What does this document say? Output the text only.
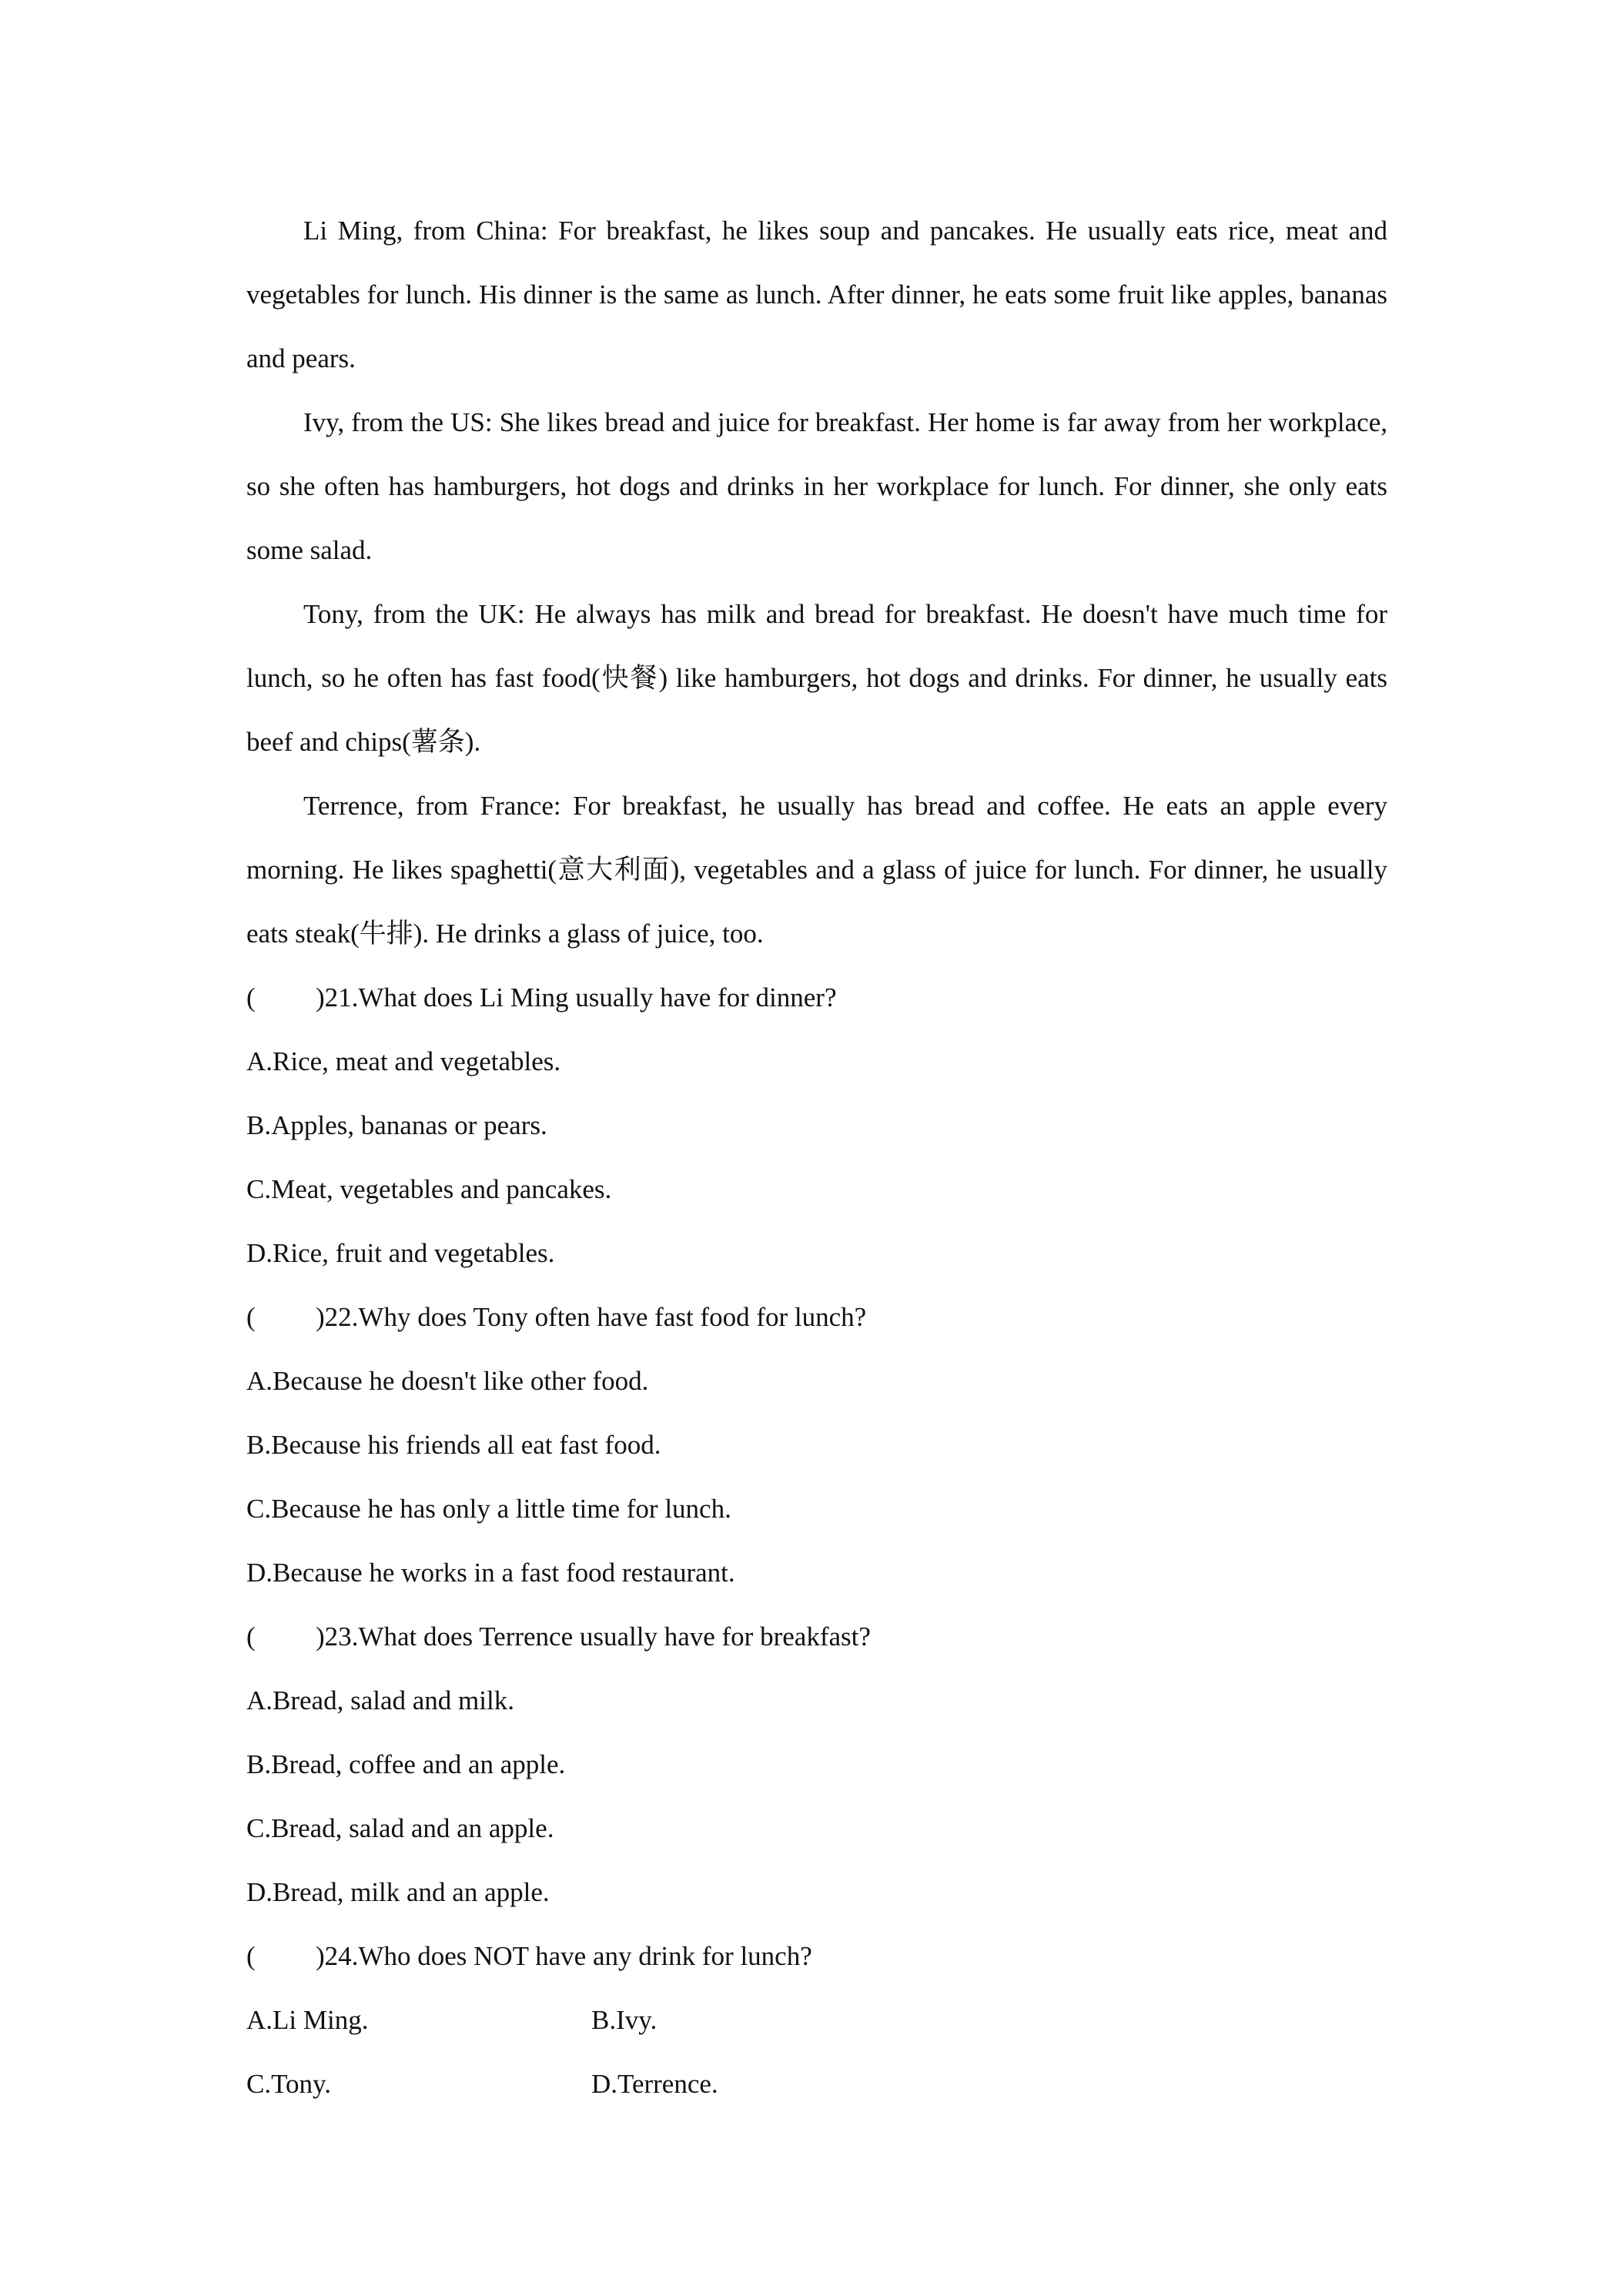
Li Ming, from China: For breakfast, he likes soup and pancakes. He usually eats rice, meat and vegetables for lunch. His dinner is the same as lunch. After dinner, he eats some fruit like apples, bananas and pears.

Ivy, from the US: She likes bread and juice for breakfast. Her home is far away from her workplace, so she often has hamburgers, hot dogs and drinks in her workplace for lunch. For dinner, she only eats some salad.

Tony, from the UK: He always has milk and bread for breakfast. He doesn't have much time for lunch, so he often has fast food(快餐) like hamburgers, hot dogs and drinks. For dinner, he usually eats beef and chips(薯条).

Terrence, from France: For breakfast, he usually has bread and coffee. He eats an apple every morning. He likes spaghetti(意大利面), vegetables and a glass of juice for lunch. For dinner, he usually eats steak(牛排). He drinks a glass of juice, too.

( )21.What does Li Ming usually have for dinner?

A.Rice, meat and vegetables.

B.Apples, bananas or pears.

C.Meat, vegetables and pancakes.

D.Rice, fruit and vegetables.

( )22.Why does Tony often have fast food for lunch?

A.Because he doesn't like other food.

B.Because his friends all eat fast food.

C.Because he has only a little time for lunch.

D.Because he works in a fast food restaurant.

( )23.What does Terrence usually have for breakfast?

A.Bread, salad and milk.

B.Bread, coffee and an apple.

C.Bread, salad and an apple.

D.Bread, milk and an apple.

( )24.Who does NOT have any drink for lunch?

A.Li Ming.	B.Ivy.

C.Tony.	D.Terrence.
